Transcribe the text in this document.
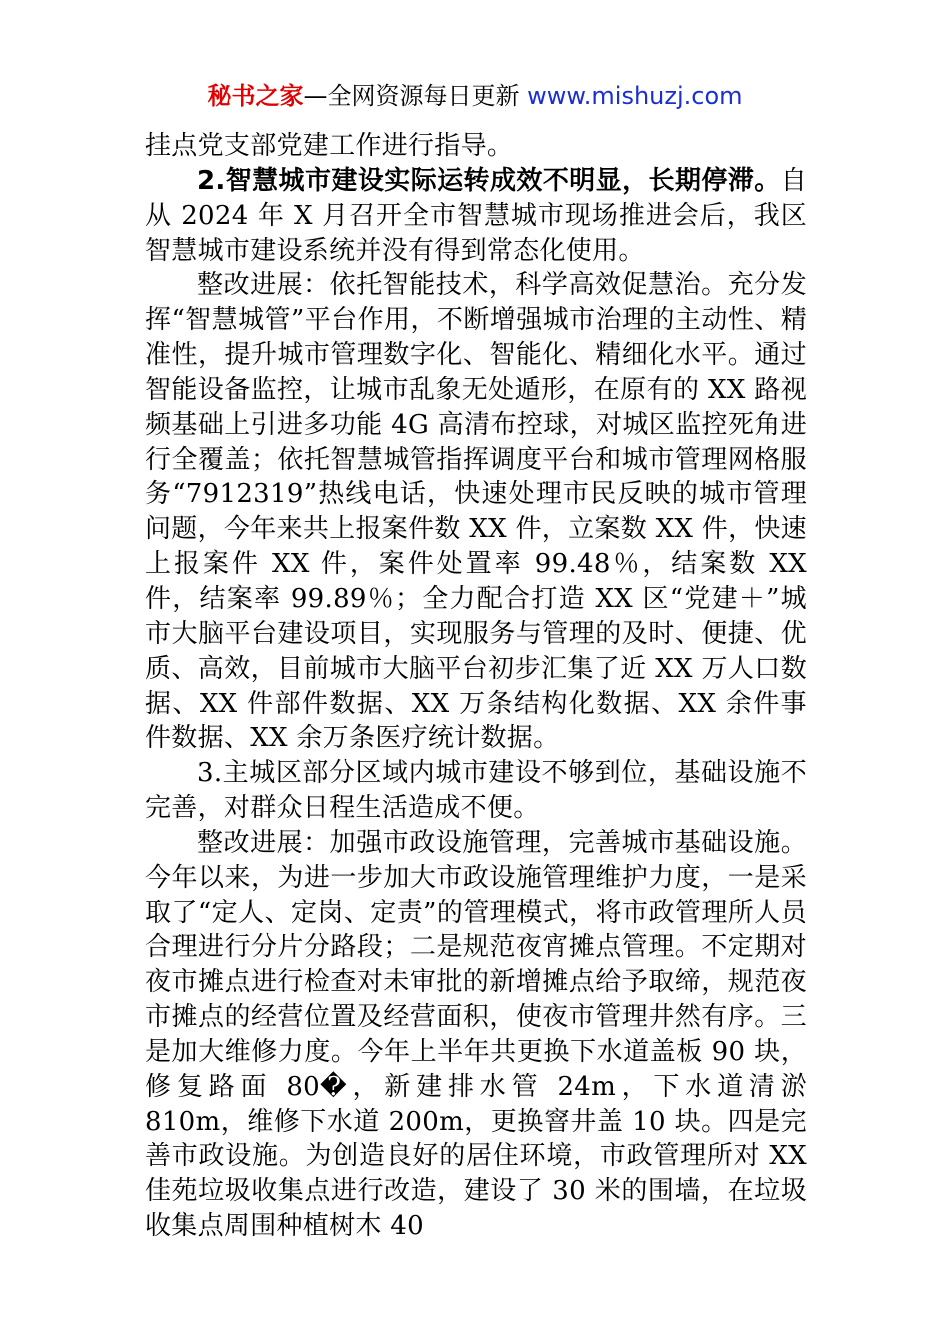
秘书之家—全网资源每日更新 www.mishuzj.com

挂点党支部党建工作进行指导。

2.智慧城市建设实际运转成效不明显，长期停滞。自从 2024 年 X 月召开全市智慧城市现场推进会后，我区智慧城市建设系统并没有得到常态化使用。

整改进展：依托智能技术，科学高效促慧治。充分发挥“智慧城管”平台作用，不断增强城市治理的主动性、精准性，提升城市管理数字化、智能化、精细化水平。通过智能设备监控，让城市乱象无处遁形，在原有的 XX 路视频基础上引进多功能 4G 高清布控球，对城区监控死角进行全覆盖；依托智慧城管指挥调度平台和城市管理网格服务“7912319”热线电话，快速处理市民反映的城市管理问题，今年来共上报案件数 XX 件，立案数 XX 件，快速上报案件 XX 件，案件处置率 99.48％，结案数 XX 件，结案率 99.89％；全力配合打造 XX 区“党建＋”城市大脑平台建设项目，实现服务与管理的及时、便捷、优质、高效，目前城市大脑平台初步汇集了近 XX 万人口数据、XX 件部件数据、XX 万条结构化数据、XX 余件事件数据、XX 余万条医疗统计数据。

3.主城区部分区域内城市建设不够到位，基础设施不完善，对群众日程生活造成不便。

整改进展：加强市政设施管理，完善城市基础设施。今年以来，为进一步加大市政设施管理维护力度，一是采取了“定人、定岗、定责”的管理模式，将市政管理所人员合理进行分片分路段；二是规范夜宵摊点管理。不定期对夜市摊点进行检查对未审批的新增摊点给予取缔，规范夜市摊点的经营位置及经营面积，使夜市管理井然有序。三是加大维修力度。今年上半年共更换下水道盖板 90 块，修复路面 80�，新建排水管 24m，下水道清淤 810m，维修下水道 200m，更换窨井盖 10 块。四是完善市政设施。为创造良好的居住环境，市政管理所对 XX 佳苑垃圾收集点进行改造，建设了 30 米的围墙，在垃圾收集点周围种植树木 40
